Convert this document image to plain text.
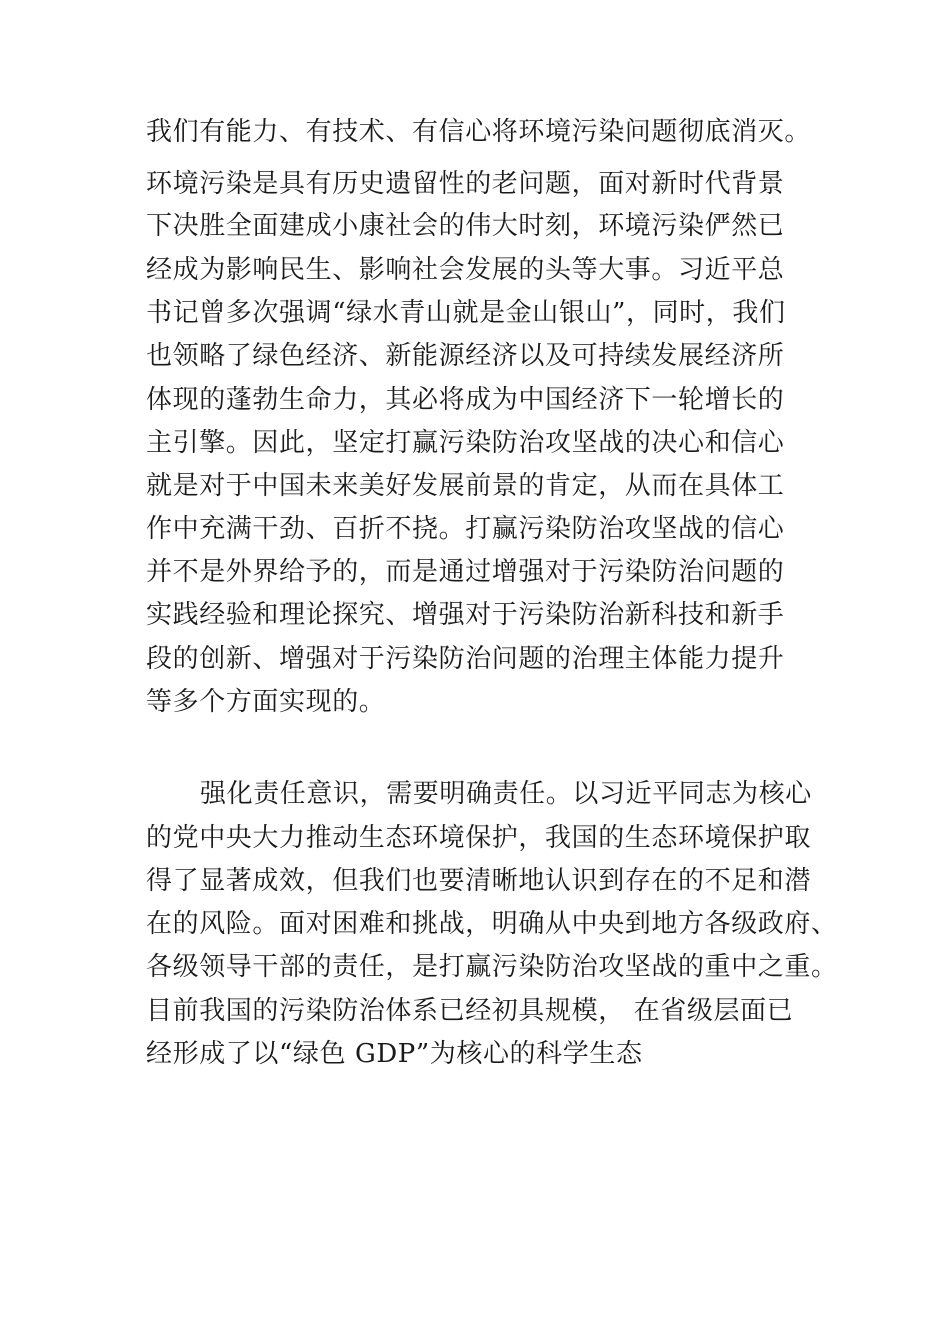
我们有能力、有技术、有信心将环境污染问题彻底消灭。
环境污染是具有历史遗留性的老问题，面对新时代背景
下决胜全面建成小康社会的伟大时刻，环境污染俨然已
经成为影响民生、影响社会发展的头等大事。习近平总
书记曾多次强调“绿水青山就是金山银山”，同时，我们
也领略了绿色经济、新能源经济以及可持续发展经济所
体现的蓬勃生命力，其必将成为中国经济下一轮增长的
主引擎。因此，坚定打赢污染防治攻坚战的决心和信心
就是对于中国未来美好发展前景的肯定，从而在具体工
作中充满干劲、百折不挠。打赢污染防治攻坚战的信心
并不是外界给予的，而是通过增强对于污染防治问题的
实践经验和理论探究、增强对于污染防治新科技和新手
段的创新、增强对于污染防治问题的治理主体能力提升
等多个方面实现的。
强化责任意识，需要明确责任。以习近平同志为核心
的党中央大力推动生态环境保护，我国的生态环境保护取
得了显著成效，但我们也要清晰地认识到存在的不足和潜
在的风险。面对困难和挑战，明确从中央到地方各级政府、
各级领导干部的责任，是打赢污染防治攻坚战的重中之重。
目前我国的污染防治体系已经初具规模， 在省级层面已
经形成了以“绿色 GDP”为核心的科学生态
